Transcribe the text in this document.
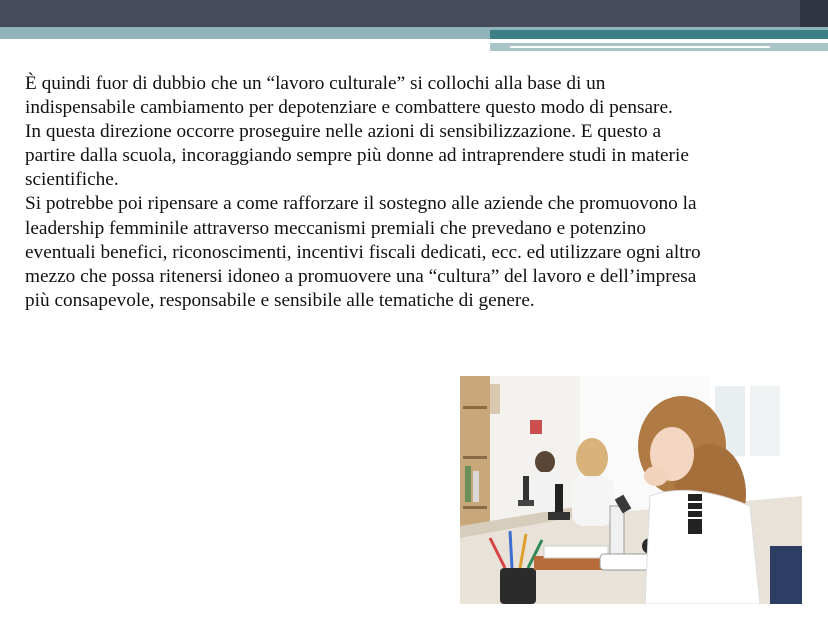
È quindi fuor di dubbio che un “lavoro culturale” si collochi alla base di un indispensabile cambiamento per depotenziare e combattere questo modo di pensare.

In questa direzione occorre proseguire nelle azioni di sensibilizzazione. E questo a partire dalla scuola, incoraggiando sempre più donne ad intraprendere studi in materie scientifiche.

Si potrebbe poi ripensare a come rafforzare il sostegno alle aziende che promuovono la leadership femminile attraverso meccanismi premiali che prevedano e potenzino eventuali benefici, riconoscimenti, incentivi fiscali dedicati, ecc. ed utilizzare ogni altro mezzo che possa ritenersi idoneo a promuovere una “cultura” del lavoro e dell’impresa più consapevole, responsabile e sensibile alle tematiche di genere.
